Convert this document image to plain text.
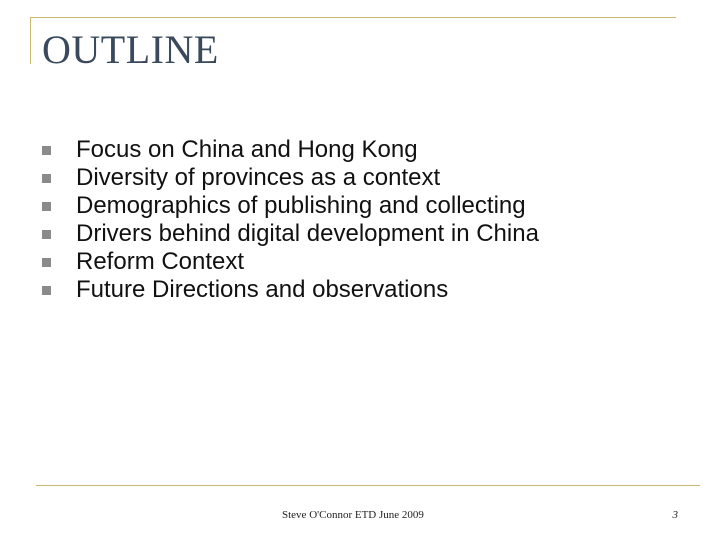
OUTLINE
Focus on China and Hong Kong
Diversity of provinces as a context
Demographics of publishing and collecting
Drivers behind digital development in China
Reform Context
Future Directions and observations
Steve O'Connor ETD June 2009	3
